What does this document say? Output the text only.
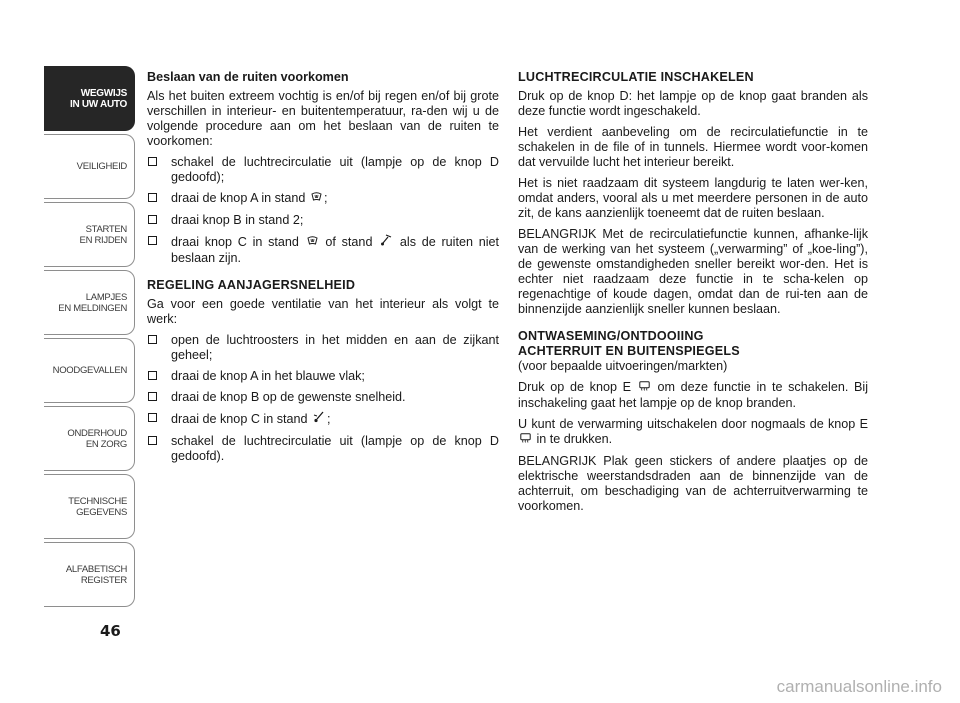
WEGWIJS
IN UW AUTO
VEILIGHEID
STARTEN
EN RIJDEN
LAMPJES
EN MELDINGEN
NOODGEVALLEN
ONDERHOUD
EN ZORG
TECHNISCHE
GEGEVENS
ALFABETISCH
REGISTER
46
Beslaan van de ruiten voorkomen

Als het buiten extreem vochtig is en/of bij regen en/of bij grote verschillen in interieur- en buitentemperatuur, ra-den wij u de volgende procedure aan om het beslaan van de ruiten te voorkomen:

schakel de luchtrecirculatie uit (lampje op de knop D gedoofd);
draai de knop A in stand ;
draai knop B in stand 2;
draai knop C in stand of stand als de ruiten niet beslaan zijn.
REGELING AANJAGERSNELHEID

Ga voor een goede ventilatie van het interieur als volgt te werk:

open de luchtroosters in het midden en aan de zijkant geheel;
draai de knop A in het blauwe vlak;
draai de knop B op de gewenste snelheid.
draai de knop C in stand ;
schakel de luchtrecirculatie uit (lampje op de knop D gedoofd).
LUCHTRECIRCULATIE INSCHAKELEN

Druk op de knop D: het lampje op de knop gaat branden als deze functie wordt ingeschakeld.

Het verdient aanbeveling om de recirculatiefunctie in te schakelen in de file of in tunnels. Hiermee wordt voor-komen dat vervuilde lucht het interieur bereikt.

Het is niet raadzaam dit systeem langdurig te laten wer-ken, omdat anders, vooral als u met meerdere personen in de auto zit, de kans aanzienlijk toeneemt dat de ruiten beslaan.

BELANGRIJK Met de recirculatiefunctie kunnen, afhanke-lijk van de werking van het systeem („verwarming” of „koe-ling”), de gewenste omstandigheden sneller bereikt wor-den. Het is echter niet raadzaam deze functie in te scha-kelen op regenachtige of koude dagen, omdat dan de rui-ten aan de binnenzijde aanzienlijk sneller kunnen beslaan.

ONTWASEMING/ONTDOOIING
ACHTERRUIT EN BUITENSPIEGELS

(voor bepaalde uitvoeringen/markten)

Druk op de knop E om deze functie in te schakelen. Bij inschakeling gaat het lampje op de knop branden.

U kunt de verwarming uitschakelen door nogmaals de knop E  in te drukken.

BELANGRIJK Plak geen stickers of andere plaatjes op de elektrische weerstandsdraden aan de binnenzijde van de achterruit, om beschadiging van de achterruitverwarming te voorkomen.

carmanualsonline.info
